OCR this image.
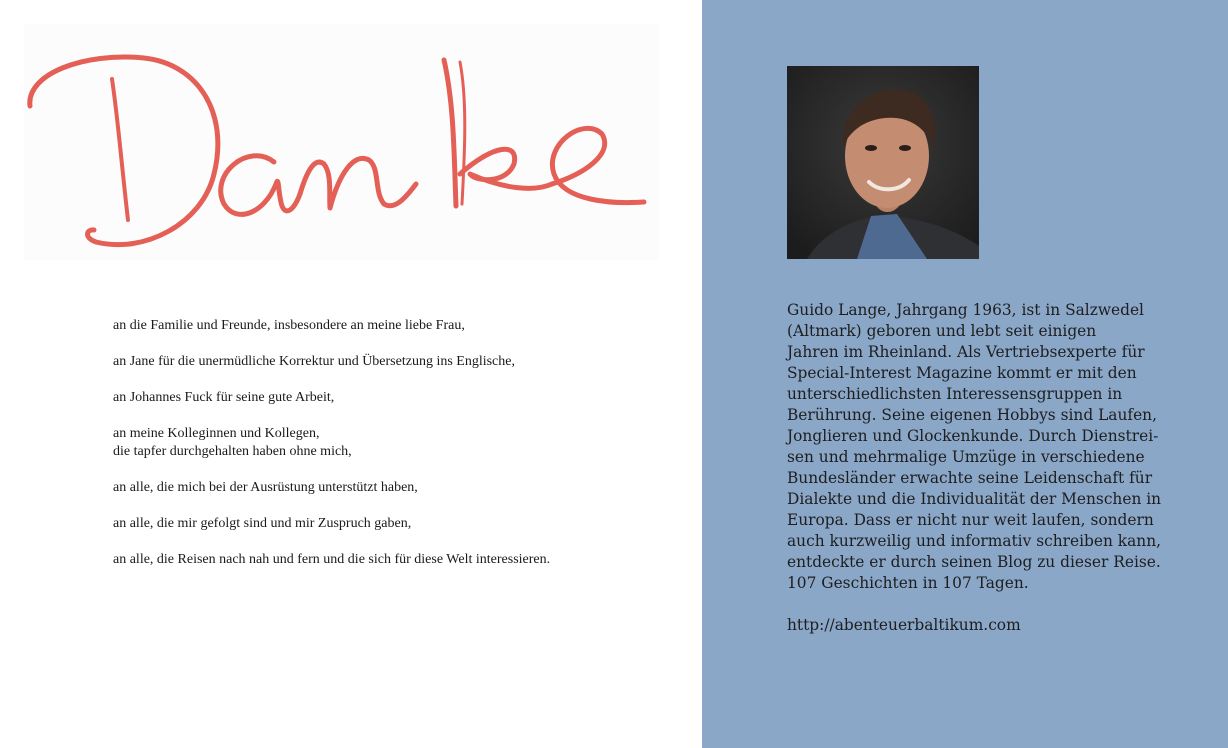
an die Familie und Freunde, insbesondere an meine liebe Frau,
an Jane für die unermüdliche Korrektur und Übersetzung ins Englische,
an Johannes Fuck für seine gute Arbeit,
an meine Kolleginnen und Kollegen,
die tapfer durchgehalten haben ohne mich,
an alle, die mich bei der Ausrüstung unterstützt haben,
an alle, die mir gefolgt sind und mir Zuspruch gaben,
an alle, die Reisen nach nah und fern und die sich für diese Welt interessieren.

Guido Lange, Jahrgang 1963, ist in Salzwedel
(Altmark) geboren und lebt seit einigen
Jahren im Rheinland. Als Vertriebsexperte für
Special-Interest Magazine kommt er mit den
unterschiedlichsten Interessensgruppen in
Berührung. Seine eigenen Hobbys sind Laufen,
Jonglieren und Glockenkunde. Durch Dienstrei-
sen und mehrmalige Umzüge in verschiedene
Bundesländer erwachte seine Leidenschaft für
Dialekte und die Individualität der Menschen in
Europa. Dass er nicht nur weit laufen, sondern
auch kurzweilig und informativ schreiben kann,
entdeckte er durch seinen Blog zu dieser Reise.
107 Geschichten in 107 Tagen.

http://abenteuerbaltikum.com
